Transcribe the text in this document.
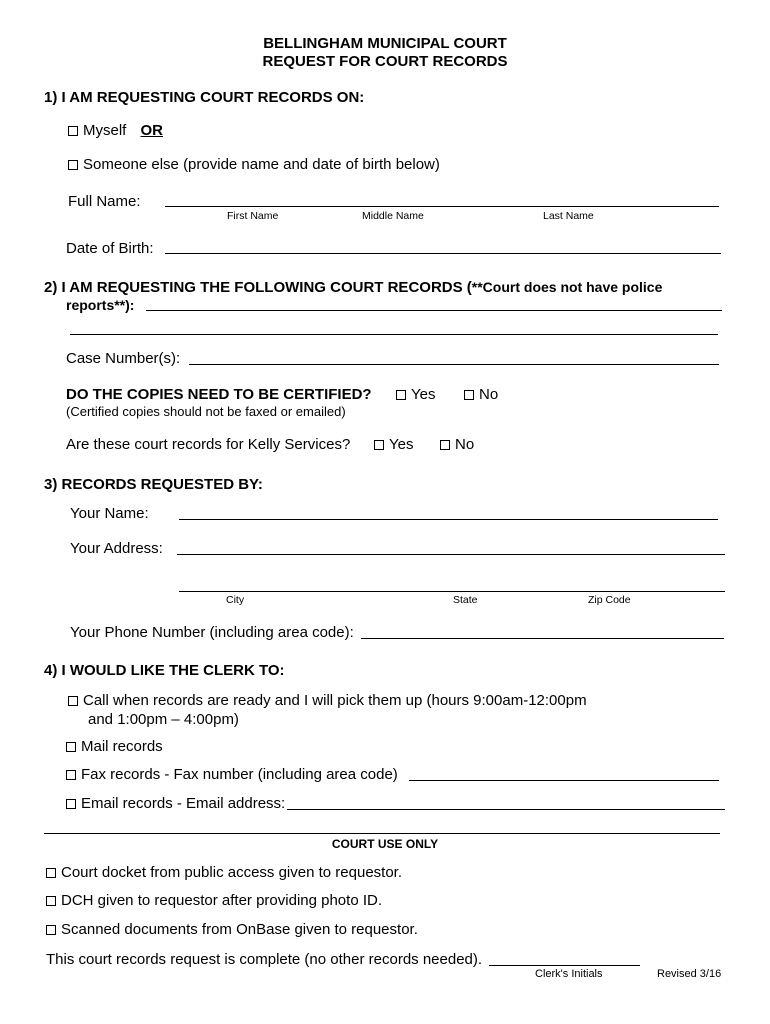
BELLINGHAM MUNICIPAL COURT
REQUEST FOR COURT RECORDS
1) I AM REQUESTING COURT RECORDS ON:
Myself OR
Someone else (provide name and date of birth below)
Full Name:
First Name	Middle Name	Last Name
Date of Birth:
2) I AM REQUESTING THE FOLLOWING COURT RECORDS (**Court does not have police
reports**):
Case Number(s):
DO THE COPIES NEED TO BE CERTIFIED?	Yes	No
(Certified copies should not be faxed or emailed)
Are these court records for Kelly Services?	Yes	No
3) RECORDS REQUESTED BY:
Your Name:
Your Address:
City	State	Zip Code
Your Phone Number (including area code):
4) I WOULD LIKE THE CLERK TO:
Call when records are ready and I will pick them up (hours 9:00am-12:00pm
and 1:00pm – 4:00pm)
Mail records
Fax records - Fax number (including area code)
Email records - Email address:
COURT USE ONLY
Court docket from public access given to requestor.
DCH given to requestor after providing photo ID.
Scanned documents from OnBase given to requestor.
This court records request is complete (no other records needed).
Clerk's Initials	Revised 3/16
